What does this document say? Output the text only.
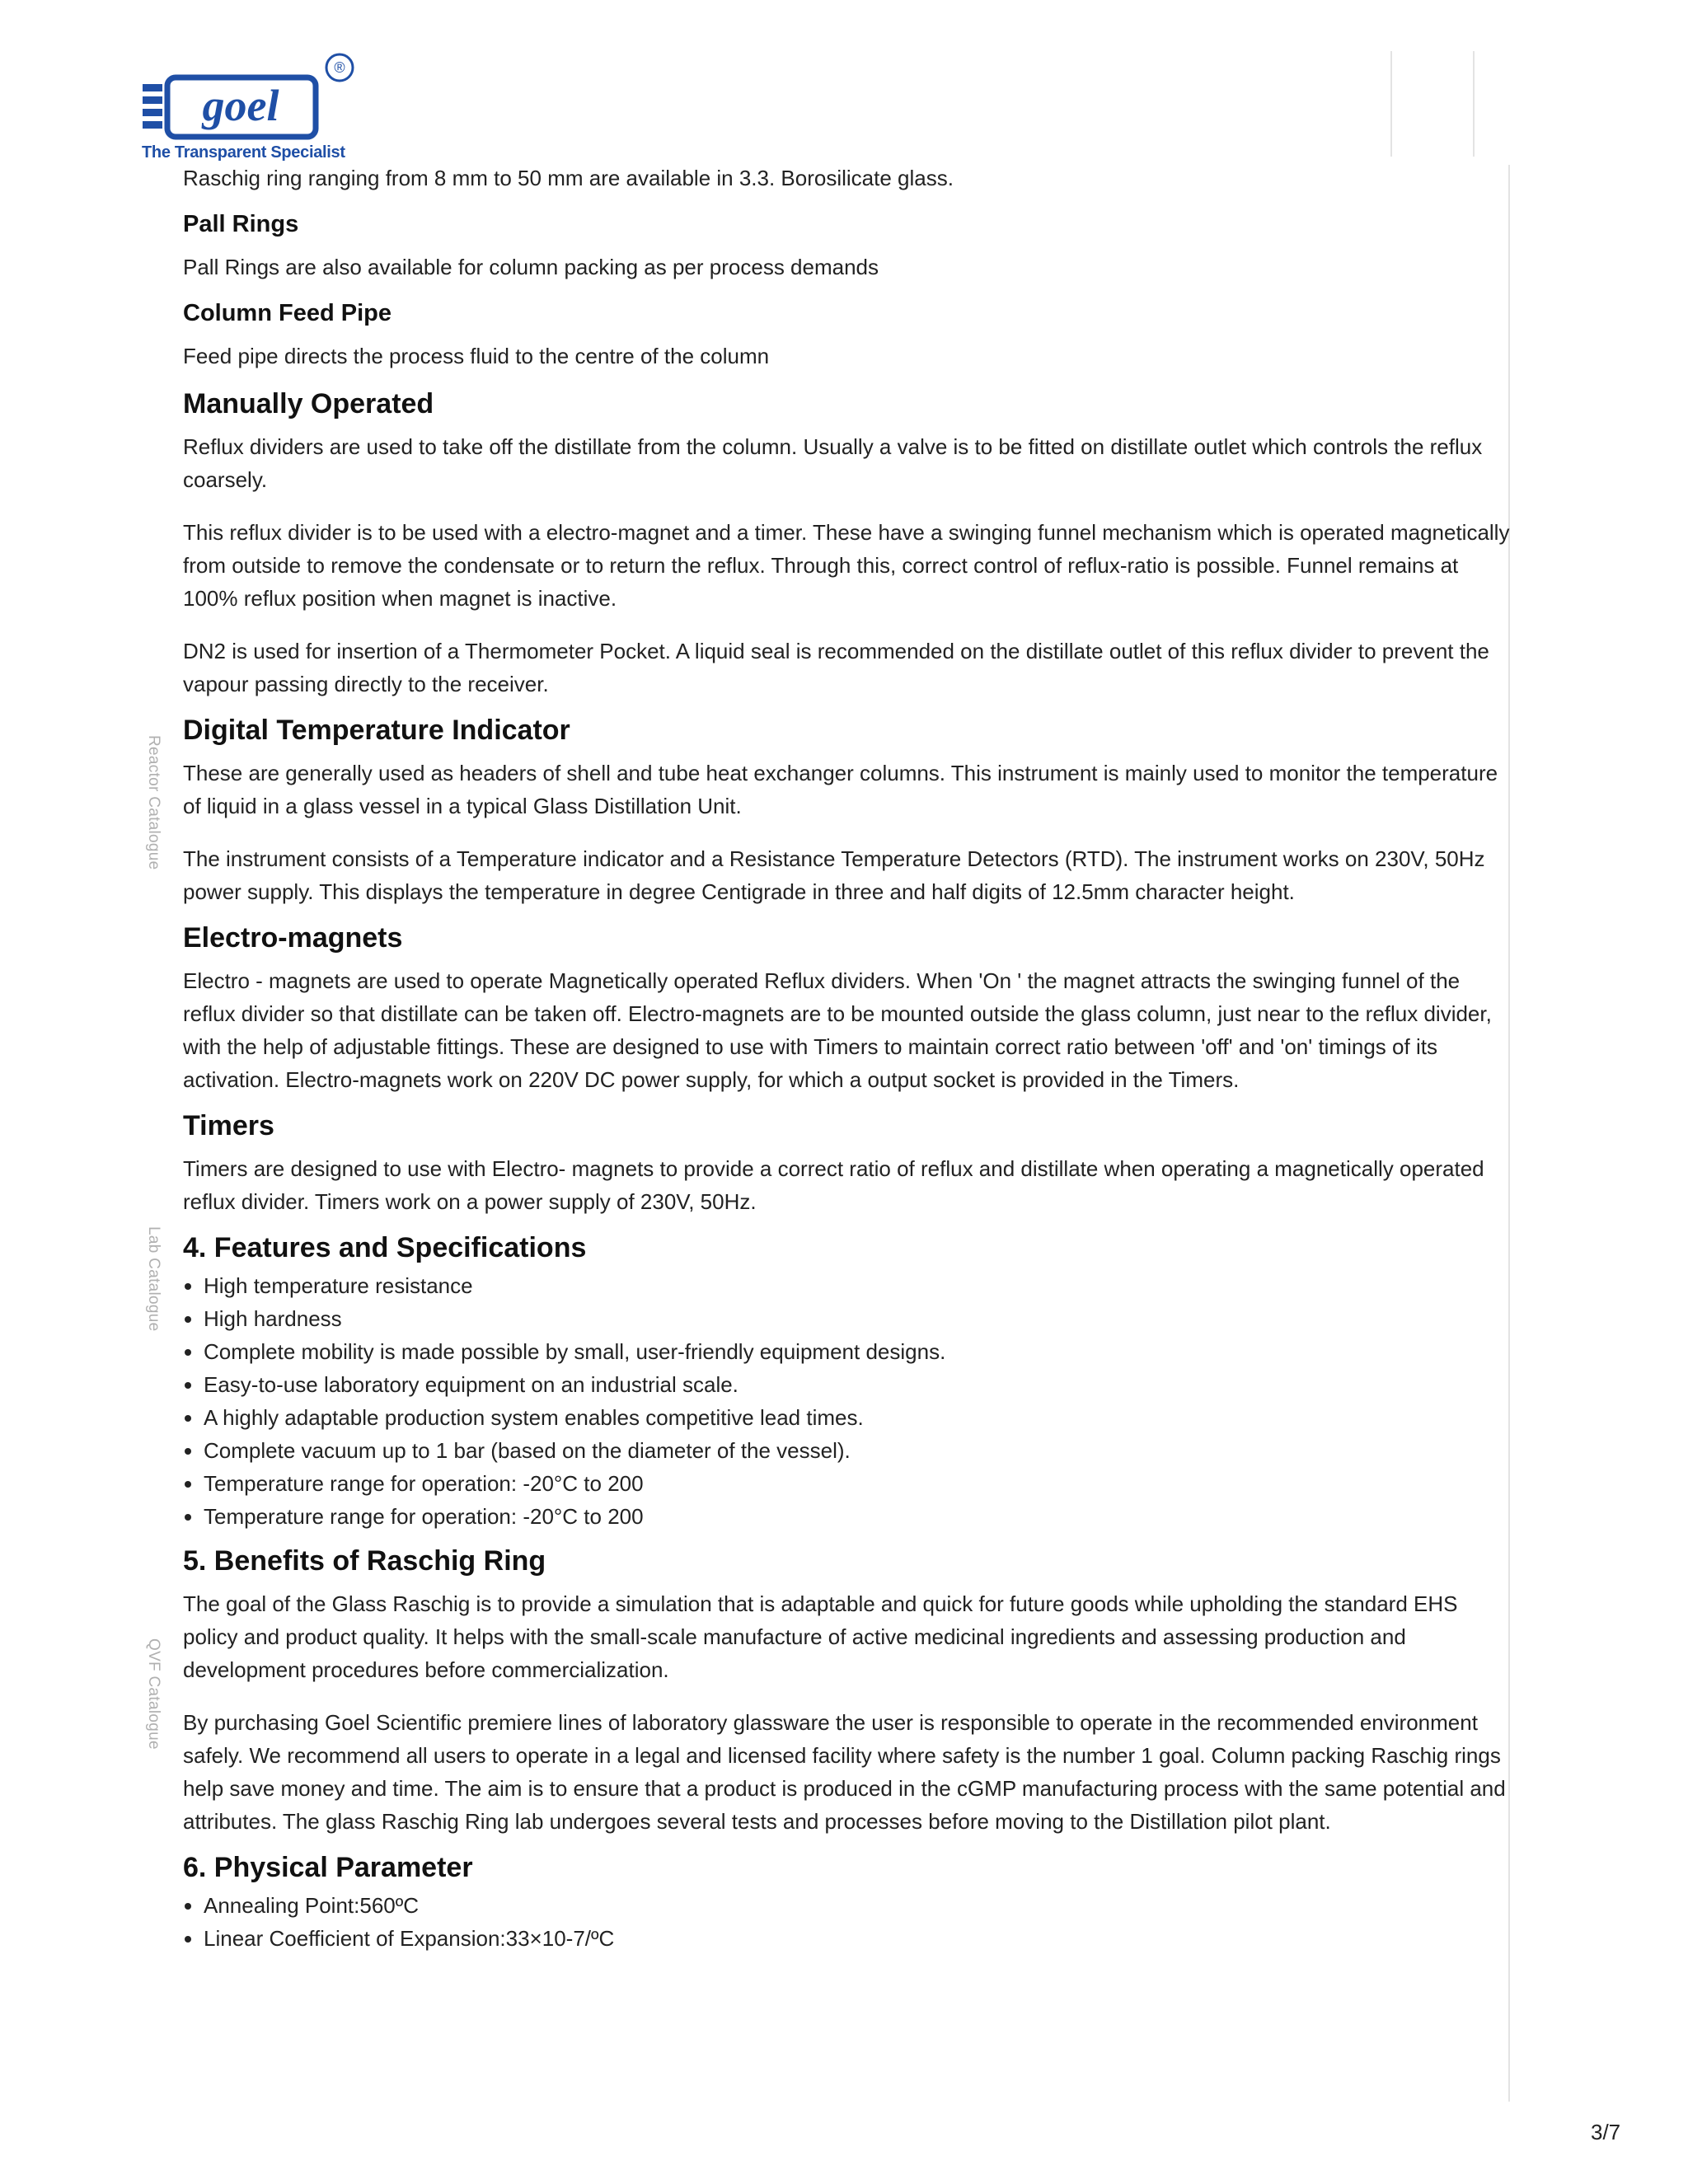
goel
®
The Transparent Specialist
Reactor Catalogue
Lab Catalogue
QVF Catalogue

Raschig ring ranging from 8 mm to 50 mm are available in 3.3. Borosilicate glass.

Pall Rings

Pall Rings are also available for column packing as per process demands

Column Feed Pipe

Feed pipe directs the process fluid to the centre of the column

Manually Operated

Reflux dividers are used to take off the distillate from the column. Usually a valve is to be fitted on distillate outlet which controls the reflux coarsely.

This reflux divider is to be used with a electro-magnet and a timer. These have a swinging funnel mechanism which is operated magnetically from outside to remove the condensate or to return the reflux. Through this, correct control of reflux-ratio is possible. Funnel remains at 100% reflux position when magnet is inactive.

DN2 is used for insertion of a Thermometer Pocket. A liquid seal is recommended on the distillate outlet of this reflux divider to prevent the vapour passing directly to the receiver.

Digital Temperature Indicator

These are generally used as headers of shell and tube heat exchanger columns. This instrument is mainly used to monitor the temperature of liquid in a glass vessel in a typical Glass Distillation Unit.

The instrument consists of a Temperature indicator and a Resistance Temperature Detectors (RTD). The instrument works on 230V, 50Hz power supply. This displays the temperature in degree Centigrade in three and half digits of 12.5mm character height.

Electro-magnets

Electro - magnets are used to operate Magnetically operated Reflux dividers. When 'On ' the magnet attracts the swinging funnel of the reflux divider so that distillate can be taken off. Electro-magnets are to be mounted outside the glass column, just near to the reflux divider, with the help of adjustable fittings. These are designed to use with Timers to maintain correct ratio between 'off' and 'on' timings of its activation. Electro-magnets work on 220V DC power supply, for which a output socket is provided in the Timers.

Timers

Timers are designed to use with Electro- magnets to provide a correct ratio of reflux and distillate when operating a magnetically operated reflux divider. Timers work on a power supply of 230V, 50Hz.

4. Features and Specifications
• High temperature resistance
• High hardness
• Complete mobility is made possible by small, user-friendly equipment designs.
• Easy-to-use laboratory equipment on an industrial scale.
• A highly adaptable production system enables competitive lead times.
• Complete vacuum up to 1 bar (based on the diameter of the vessel).
• Temperature range for operation: -20°C to 200
• Temperature range for operation: -20°C to 200
5. Benefits of Raschig Ring

The goal of the Glass Raschig is to provide a simulation that is adaptable and quick for future goods while upholding the standard EHS policy and product quality. It helps with the small-scale manufacture of active medicinal ingredients and assessing production and development procedures before commercialization.

By purchasing Goel Scientific premiere lines of laboratory glassware the user is responsible to operate in the recommended environment safely. We recommend all users to operate in a legal and licensed facility where safety is the number 1 goal. Column packing Raschig rings help save money and time. The aim is to ensure that a product is produced in the cGMP manufacturing process with the same potential and attributes. The glass Raschig Ring lab undergoes several tests and processes before moving to the Distillation pilot plant.

6. Physical Parameter
• Annealing Point:560ºC
• Linear Coefficient of Expansion:33×10-7/ºC
3/7
